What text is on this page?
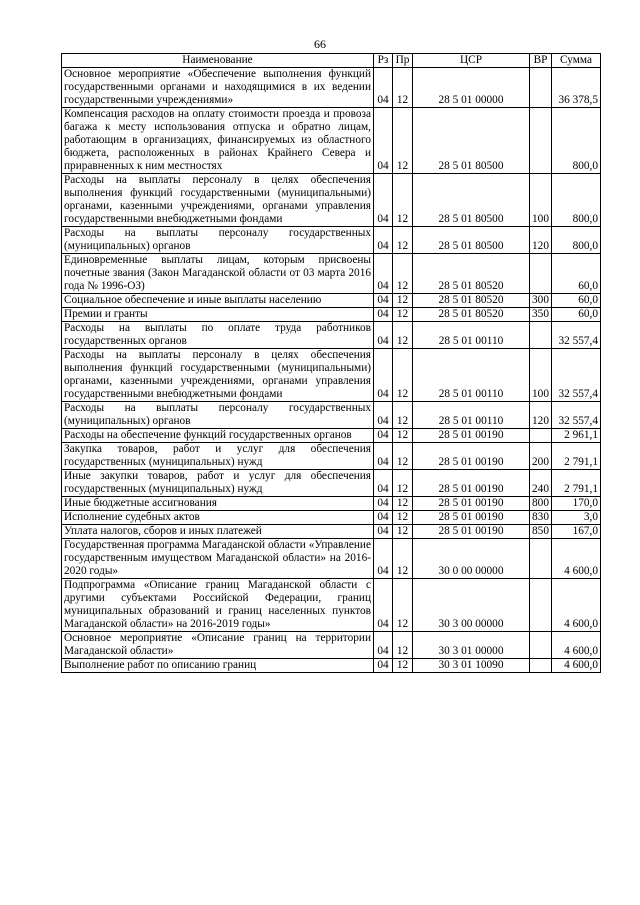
66
Наименование	Рз	Пр	ЦСР	ВР	Сумма
Основное мероприятие «Обеспечение выполнения функций государственными органами и находящимися в их ведении государственными учреждениями»	04	12	28 5 01 00000		36 378,5
Компенсация расходов на оплату стоимости проезда и провоза багажа к месту использования отпуска и обратно лицам, работающим в организациях, финансируемых из областного бюджета, расположенных в районах Крайнего Севера и приравненных к ним местностях	04	12	28 5 01 80500		800,0
Расходы на выплаты персоналу в целях обеспечения выполнения функций государственными (муниципальными) органами, казенными учреждениями, органами управления государственными внебюджетными фондами	04	12	28 5 01 80500	100	800,0
Расходы на выплаты персоналу государственных (муниципальных) органов	04	12	28 5 01 80500	120	800,0
Единовременные выплаты лицам, которым присвоены почетные звания (Закон Магаданской области от 03 марта 2016 года № 1996-ОЗ)	04	12	28 5 01 80520		60,0
Социальное обеспечение и иные выплаты населению	04	12	28 5 01 80520	300	60,0
Премии и гранты	04	12	28 5 01 80520	350	60,0
Расходы на выплаты по оплате труда работников государственных органов	04	12	28 5 01 00110		32 557,4
Расходы на выплаты персоналу в целях обеспечения выполнения функций государственными (муниципальными) органами, казенными учреждениями, органами управления государственными внебюджетными фондами	04	12	28 5 01 00110	100	32 557,4
Расходы на выплаты персоналу государственных (муниципальных) органов	04	12	28 5 01 00110	120	32 557,4
Расходы на обеспечение функций государственных органов	04	12	28 5 01 00190		2 961,1
Закупка товаров, работ и услуг для обеспечения государственных (муниципальных) нужд	04	12	28 5 01 00190	200	2 791,1
Иные закупки товаров, работ и услуг для обеспечения государственных (муниципальных) нужд	04	12	28 5 01 00190	240	2 791,1
Иные бюджетные ассигнования	04	12	28 5 01 00190	800	170,0
Исполнение судебных актов	04	12	28 5 01 00190	830	3,0
Уплата налогов, сборов и иных платежей	04	12	28 5 01 00190	850	167,0
Государственная программа Магаданской области «Управление государственным имуществом Магаданской области» на 2016-2020 годы»	04	12	30 0 00 00000		4 600,0
Подпрограмма «Описание границ Магаданской области с другими субъектами Российской Федерации, границ муниципальных образований и границ населенных пунктов Магаданской области» на 2016-2019 годы»	04	12	30 3 00 00000		4 600,0
Основное мероприятие «Описание границ на территории Магаданской области»	04	12	30 3 01 00000		4 600,0
Выполнение работ по описанию границ	04	12	30 3 01 10090		4 600,0
